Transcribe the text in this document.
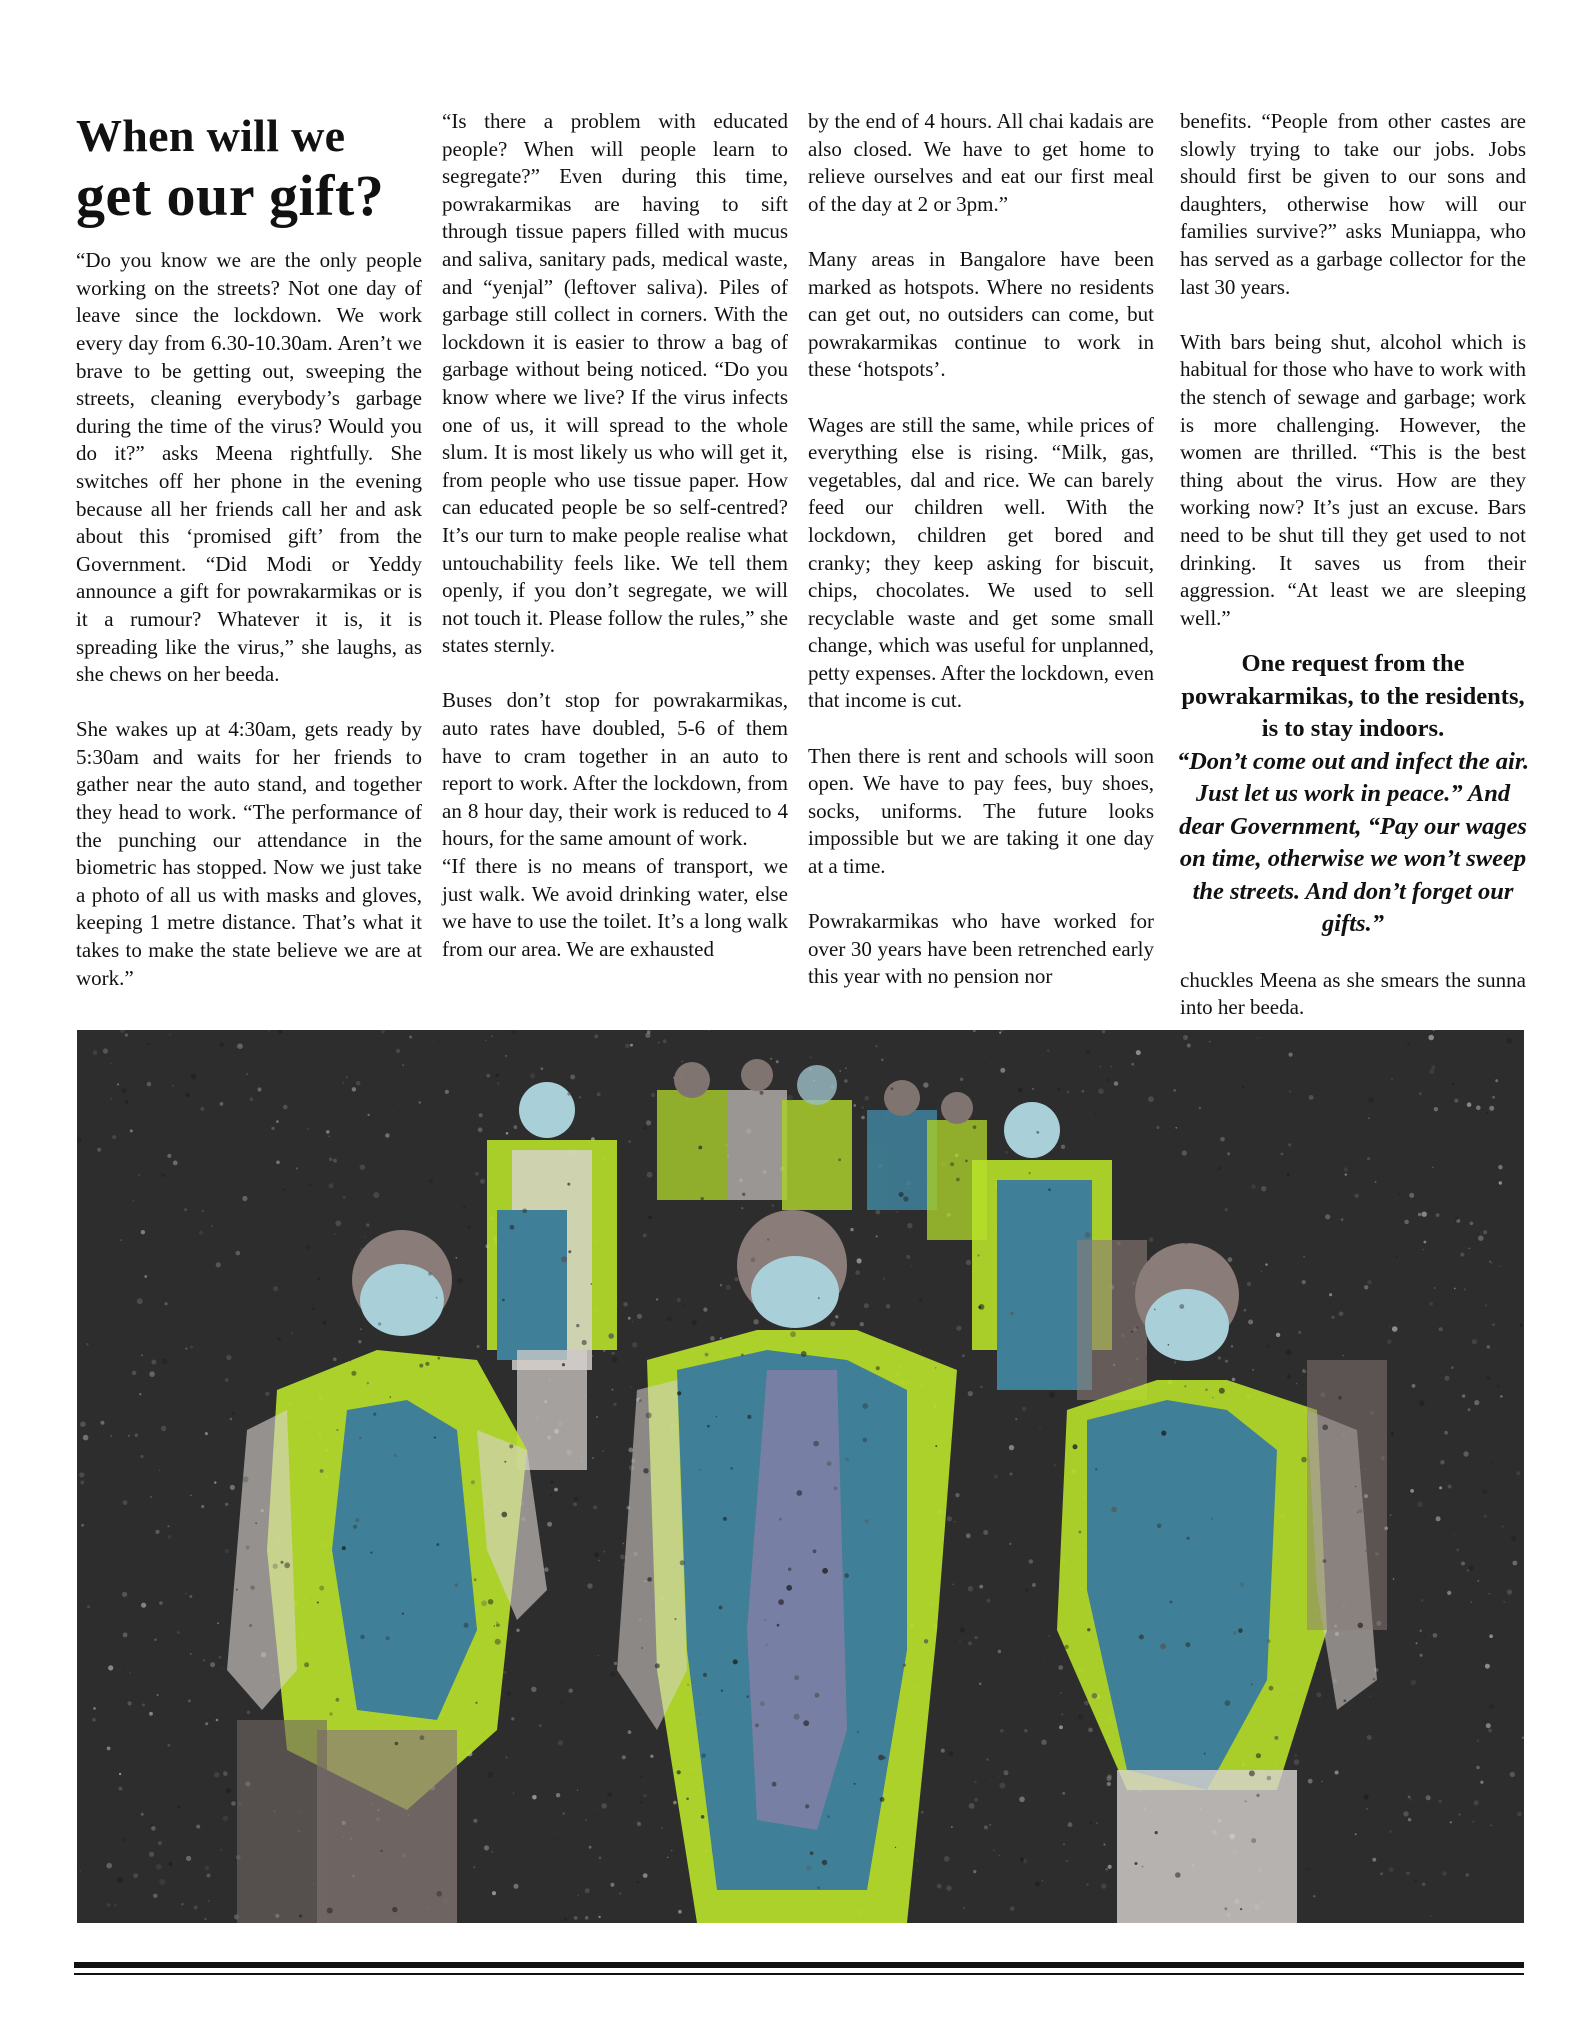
When will we
get our gift?

“Do you know we are the only people working on the streets? Not one day of leave since the lockdown. We work every day from 6.30-10.30am. Aren’t we brave to be getting out, sweeping the streets, cleaning everybody’s garbage during the time of the virus? Would you do it?” asks Meena rightfully. She switches off her phone in the evening because all her friends call her and ask about this ‘promised gift’ from the Government. “Did Modi or Yeddy announce a gift for powrakarmikas or is it a rumour? Whatever it is, it is spreading like the virus,” she laughs, as she chews on her beeda.

She wakes up at 4:30am, gets ready by 5:30am and waits for her friends to gather near the auto stand, and together they head to work. “The performance of the punching our attendance in the biometric has stopped. Now we just take a photo of all us with masks and gloves, keeping 1 metre distance. That’s what it takes to make the state believe we are at work.”

“Is there a problem with educated people? When will people learn to segregate?” Even during this time, powrakarmikas are having to sift through tissue papers filled with mucus and saliva, sanitary pads, medical waste, and “yenjal” (leftover saliva). Piles of garbage still collect in corners. With the lockdown it is easier to throw a bag of garbage without being noticed. “Do you know where we live? If the virus infects one of us, it will spread to the whole slum. It is most likely us who will get it, from people who use tissue paper. How can educated people be so self-centred? It’s our turn to make people realise what untouchability feels like. We tell them openly, if you don’t segregate, we will not touch it. Please follow the rules,” she states sternly.

Buses don’t stop for powrakarmikas, auto rates have doubled, 5-6 of them have to cram together in an auto to report to work. After the lockdown, from an 8 hour day, their work is reduced to 4 hours, for the same amount of work.

“If there is no means of transport, we just walk. We avoid drinking water, else we have to use the toilet. It’s a long walk from our area. We are exhausted

by the end of 4 hours. All chai kadais are also closed. We have to get home to relieve ourselves and eat our first meal of the day at 2 or 3pm.”

Many areas in Bangalore have been marked as hotspots. Where no residents can get out, no outsiders can come, but powrakarmikas continue to work in these ‘hotspots’.

Wages are still the same, while prices of everything else is rising. “Milk, gas, vegetables, dal and rice. We can barely feed our children well. With the lockdown, children get bored and cranky; they keep asking for biscuit, chips, chocolates. We used to sell recyclable waste and get some small change, which was useful for unplanned, petty expenses. After the lockdown, even that income is cut.

Then there is rent and schools will soon open. We have to pay fees, buy shoes, socks, uniforms. The future looks impossible but we are taking it one day at a time.

Powrakarmikas who have worked for over 30 years have been retrenched early this year with no pension nor

benefits. “People from other castes are slowly trying to take our jobs. Jobs should first be given to our sons and daughters, otherwise how will our families survive?” asks Muniappa, who has served as a garbage collector for the last 30 years.

With bars being shut, alcohol which is habitual for those who have to work with the stench of sewage and garbage; work is more challenging. However, the women are thrilled. “This is the best thing about the virus. How are they working now? It’s just an excuse. Bars need to be shut till they get used to not drinking. It saves us from their aggression. “At least we are sleeping well.”

One request from the powrakarmikas, to the residents, is to stay indoors.
“Don’t come out and infect the air. Just let us work in peace.” And dear Government, “Pay our wages on time, otherwise we won’t sweep the streets. And don’t forget our gifts.”

chuckles Meena as she smears the sunna into her beeda.
